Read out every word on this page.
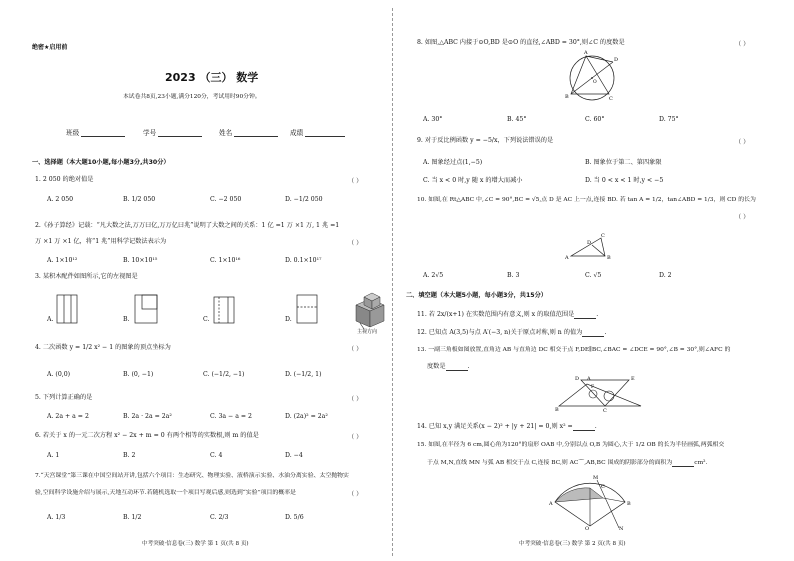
绝密★启用前
2023 （三） 数学
本试卷共8页,23小题,满分120分，考试用时90分钟。
班级	学号	姓名	成绩
一、选择题（本大题10小题,每小题3分,共30分）
1. 2 050 的绝对值是	（ ）
A. 2 050	B. 1/2 050	C. −2 050	D. −1/2 050
2.《孙子算经》记载：“凡大数之法,万万曰亿,万万亿曰兆”说明了大数之间的关系：1 亿 =1 万 ×1 万, 1 兆 =1
万 ×1 万 ×1 亿，将“1 兆”用科学记数法表示为	（ ）
A. 1×10¹²	B. 10×10¹⁵	C. 1×10¹⁶	D. 0.1×10¹⁷
3. 某积木配件如图所示,它的左视图是
A.	B.	C.	D.
主视方向
4. 二次函数 y = 1/2 x² − 1 的图象的顶点坐标为	（ ）
A. (0,0)	B. (0, −1)	C. (−1/2, −1)	D. (−1/2, 1)
5. 下列计算正确的是	（ ）
A. 2a + a = 2	B. 2a · 2a = 2a²	C. 3a − a = 2	D. (2a)² = 2a²
6. 若关于 x 的一元二次方程 x² − 2x + m = 0 有两个相等的实数根,则 m 的值是	（ ）
A. 1	B. 2	C. 4	D. −4
7.“天宫课堂”第三课在中国空间站开讲,包括六个项目：生态研究、物理实验、液桥演示实验、水油分离实验、太空抛物实
验,空间科学设施介绍与展示,天地互动环节.若随机选取一个项目写观后感,则选到“实验”项目的概率是	（ ）
A. 1/3	B. 1/2	C. 2/3	D. 5/6
中考突破·信息卷(三) 数学 第 1 页(共 8 页)
8. 如图,△ABC 内接于⊙O,BD 是⊙O 的直径,∠ABD = 30°,则∠C 的度数是	（ ）
A
D
B	C
O
A. 30°	B. 45°	C. 60°	D. 75°
9. 对于反比例函数 y = −5/x，下列说法错误的是	（ ）
A. 图象经过点(1,−5)	B. 图象位于第二、第四象限
C. 当 x < 0 时,y 随 x 的增大而减小	D. 当 0 < x < 1 时,y < −5
10. 如图,在 Rt△ABC 中,∠C = 90°,BC = √5,点 D 是 AC 上一点,连接 BD. 若 tan A = 1/2，tan∠ABD = 1/3，则 CD 的长为
（ ）
A	B
C
D
A. 2√5	B. 3	C. √5	D. 2
二、填空题（本大题5小题，每小题3分，共15分）
11. 若 2x/(x+1) 在实数范围内有意义,则 x 的取值范围是	.
12. 已知点 A(3,5)与点 A′(−3, n)关于原点对称,则 n 的值为	.
13. 一副三角板如图放置,直角边 AB 与直角边 DC 相交于点 F,DE∥BC,∠BAC = ∠DCE = 90°,∠B = 30°,则∠AFC 的
度数是	.
D A
F
E
B	C
14. 已知 x,y 满足关系(x − 2)² + |y + 21| = 0,则 x² =	.
15. 如图,在半径为 6 cm,圆心角为120°的扇形 OAB 中,分别以点 O,B 为圆心,大于 1/2 OB 的长为半径画弧,两弧相交
于点 M,N,直线 MN 与弧 AB 相交于点 C,连接 BC,则 AC⌒,AB,BC 围成的阴影部分的面积为	cm².
A
C
M
N
O
B
中考突破·信息卷(三) 数学 第 2 页(共 8 页)
